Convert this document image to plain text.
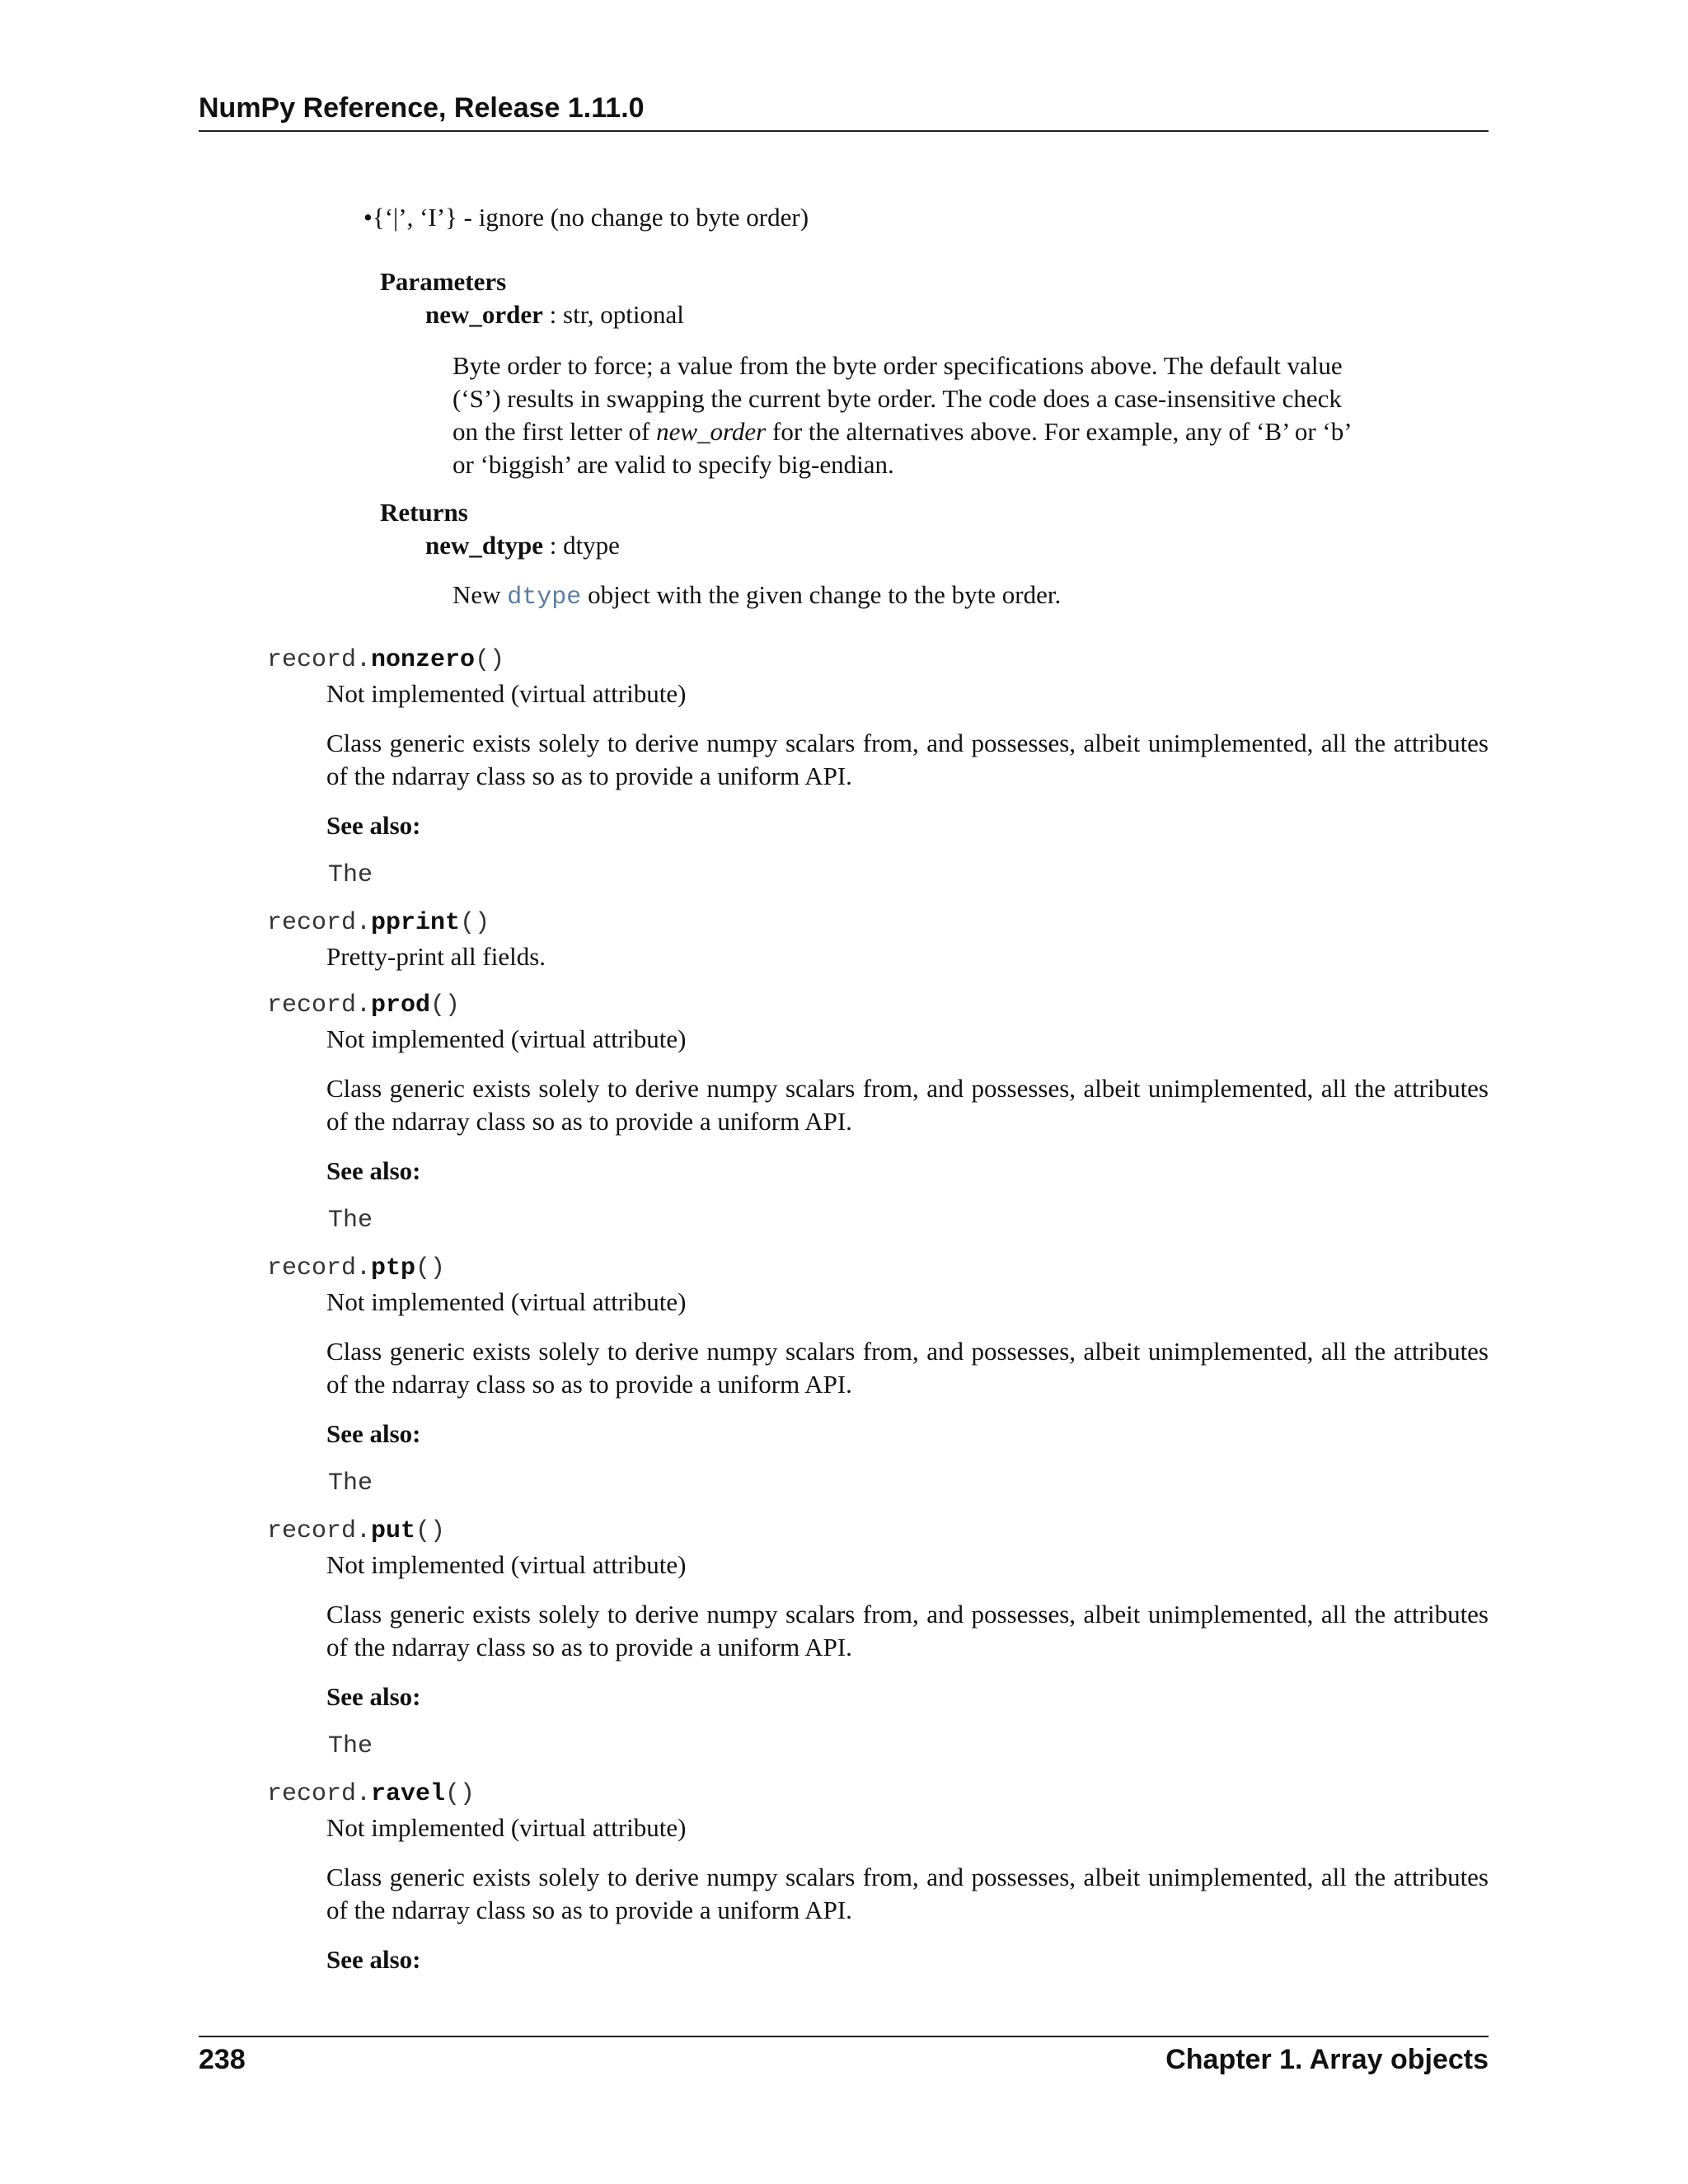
NumPy Reference, Release 1.11.0
•{‘|’, ‘I’} - ignore (no change to byte order)
Parameters
new_order : str, optional
Byte order to force; a value from the byte order specifications above. The default value
(‘S’) results in swapping the current byte order. The code does a case-insensitive check
on the first letter of new_order for the alternatives above. For example, any of ‘B’ or ‘b’
or ‘biggish’ are valid to specify big-endian.
Returns
new_dtype : dtype
New dtype object with the given change to the byte order.
record.nonzero()
Not implemented (virtual attribute)
Class generic exists solely to derive numpy scalars from, and possesses, albeit unimplemented, all the attributes of the ndarray class so as to provide a uniform API.
See also:
The
record.pprint()
Pretty-print all fields.
record.prod()
Not implemented (virtual attribute)
Class generic exists solely to derive numpy scalars from, and possesses, albeit unimplemented, all the attributes of the ndarray class so as to provide a uniform API.
See also:
The
record.ptp()
Not implemented (virtual attribute)
Class generic exists solely to derive numpy scalars from, and possesses, albeit unimplemented, all the attributes of the ndarray class so as to provide a uniform API.
See also:
The
record.put()
Not implemented (virtual attribute)
Class generic exists solely to derive numpy scalars from, and possesses, albeit unimplemented, all the attributes of the ndarray class so as to provide a uniform API.
See also:
The
record.ravel()
Not implemented (virtual attribute)
Class generic exists solely to derive numpy scalars from, and possesses, albeit unimplemented, all the attributes of the ndarray class so as to provide a uniform API.
See also:
238	Chapter 1. Array objects
